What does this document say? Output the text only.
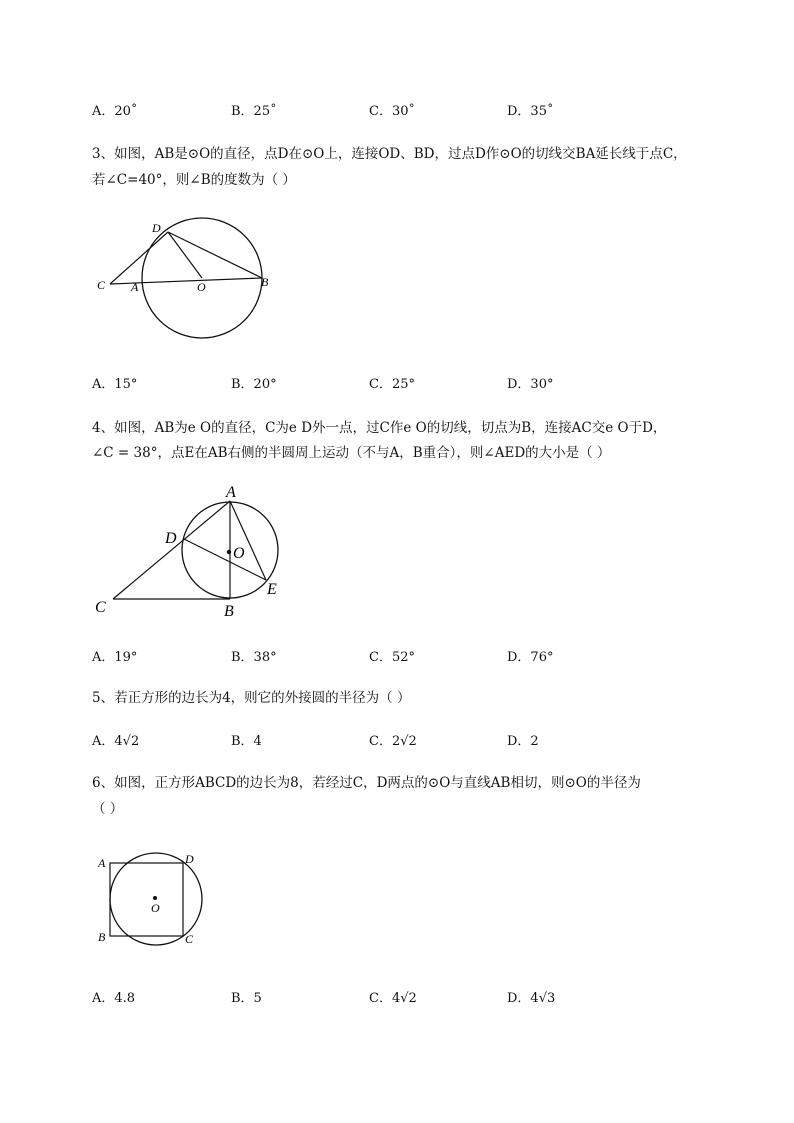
A．20˚	B．25˚	C．30˚	D．35˚
3、如图，AB是⊙O的直径，点D在⊙O上，连接OD、BD，过点D作⊙O的切线交BA延长线于点C，
若∠C=40°，则∠B的度数为（ ）
C A	O	B
D
A．15°	B．20°	C．25°	D．30°
4、如图，AB为e O的直径，C为e D外一点，过C作e O的切线，切点为B，连接AC交e O于D，
∠C = 38°，点E在AB右侧的半圆周上运动（不与A，B重合），则∠AED的大小是（ ）
A
D
O
E
C	B
A．19°	B．38°	C．52°	D．76°
5、若正方形的边长为4，则它的外接圆的半径为（ ）
A．4√2	B．4	C．2√2	D．2
6、如图，正方形ABCD的边长为8，若经过C，D两点的⊙O与直线AB相切，则⊙O的半径为
（ ）
A	D
O
B	C
A．4.8	B．5	C．4√2	D．4√3
